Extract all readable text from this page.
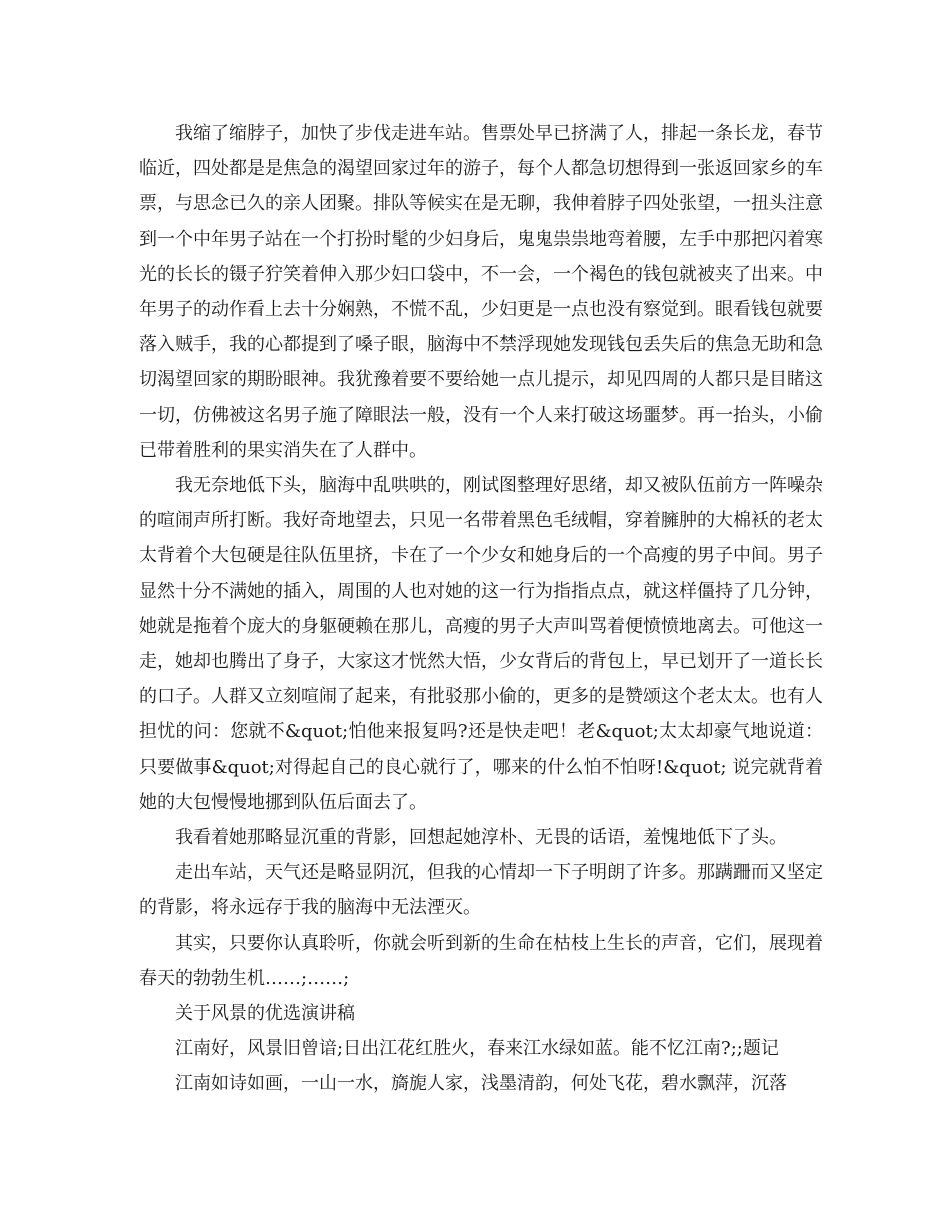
我缩了缩脖子，加快了步伐走进车站。售票处早已挤满了人，排起一条长龙，春节临近，四处都是是焦急的渴望回家过年的游子，每个人都急切想得到一张返回家乡的车票，与思念已久的亲人团聚。排队等候实在是无聊，我伸着脖子四处张望，一扭头注意到一个中年男子站在一个打扮时髦的少妇身后，鬼鬼祟祟地弯着腰，左手中那把闪着寒光的长长的镊子狞笑着伸入那少妇口袋中，不一会，一个褐色的钱包就被夹了出来。中年男子的动作看上去十分娴熟，不慌不乱，少妇更是一点也没有察觉到。眼看钱包就要落入贼手，我的心都提到了嗓子眼，脑海中不禁浮现她发现钱包丢失后的焦急无助和急切渴望回家的期盼眼神。我犹豫着要不要给她一点儿提示，却见四周的人都只是目睹这一切，仿佛被这名男子施了障眼法一般，没有一个人来打破这场噩梦。再一抬头，小偷已带着胜利的果实消失在了人群中。

我无奈地低下头，脑海中乱哄哄的，刚试图整理好思绪，却又被队伍前方一阵噪杂的喧闹声所打断。我好奇地望去，只见一名带着黑色毛绒帽，穿着臃肿的大棉袄的老太太背着个大包硬是往队伍里挤，卡在了一个少女和她身后的一个高瘦的男子中间。男子显然十分不满她的插入，周围的人也对她的这一行为指指点点，就这样僵持了几分钟，她就是拖着个庞大的身躯硬赖在那儿，高瘦的男子大声叫骂着便愤愤地离去。可他这一走，她却也腾出了身子，大家这才恍然大悟，少女背后的背包上，早已划开了一道长长的口子。人群又立刻喧闹了起来，有批驳那小偷的，更多的是赞颂这个老太太。也有人担忧的问：您就不&quot;怕他来报复吗?还是快走吧！老&quot;太太却豪气地说道：只要做事&quot;对得起自己的良心就行了，哪来的什么怕不怕呀!&quot; 说完就背着她的大包慢慢地挪到队伍后面去了。

我看着她那略显沉重的背影，回想起她淳朴、无畏的话语，羞愧地低下了头。

走出车站，天气还是略显阴沉，但我的心情却一下子明朗了许多。那蹒跚而又坚定的背影，将永远存于我的脑海中无法湮灭。

其实，只要你认真聆听，你就会听到新的生命在枯枝上生长的声音，它们，展现着春天的勃勃生机……;……;

关于风景的优选演讲稿

江南好，风景旧曾谙;日出江花红胜火，春来江水绿如蓝。能不忆江南?;;题记

江南如诗如画，一山一水，旖旎人家，浅墨清韵，何处飞花，碧水飘萍，沉落
